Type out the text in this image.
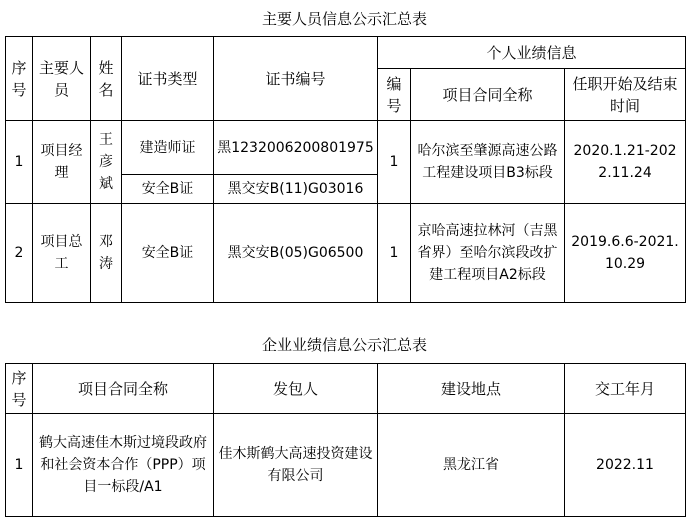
主要人员信息公示汇总表
序号	主要人员	姓名	证书类型	证书编号	个人业绩信息		
					编号	项目合同全称	任职开始及结束时间
1	项目经理	王彦斌	建造师证	黑1232006200801975	1	哈尔滨至肇源高速公路工程建设项目B3标段	2020.1.21-2022.11.24
			安全B证	黑交安B(11)G03016			
2	项目总工	邓涛	安全B证	黑交安B(05)G06500	1	京哈高速拉林河（吉黑省界）至哈尔滨段改扩建工程项目A2标段	2019.6.6-2021.10.29
企业业绩信息公示汇总表
序号	项目合同全称	发包人	建设地点	交工年月
1	鹤大高速佳木斯过境段政府和社会资本合作（PPP）项目一标段/A1	佳木斯鹤大高速投资建设有限公司	黑龙江省	2022.11
